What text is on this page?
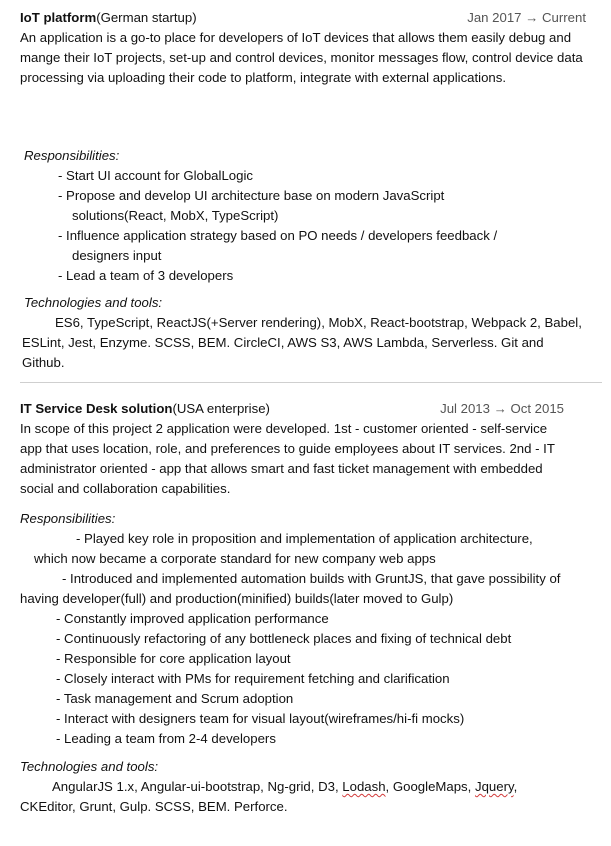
IoT platform(German startup)	Jan 2017 → Current

An application is a go-to place for developers of IoT devices that allows them easily debug and mange their IoT projects, set-up and control devices, monitor messages flow, control device data processing via uploading their code to platform, integrate with external applications.

Responsibilities:
- Start UI account for GlobalLogic
- Propose and develop UI architecture base on modern JavaScript solutions(React, MobX, TypeScript)
- Influence application strategy based on PO needs / developers feedback / designers input
- Lead a team of 3 developers
Technologies and tools:

ES6, TypeScript, ReactJS(+Server rendering), MobX, React-bootstrap, Webpack 2, Babel, ESLint, Jest, Enzyme. SCSS, BEM. CircleCI, AWS S3, AWS Lambda, Serverless. Git and Github.

IT Service Desk solution(USA enterprise)	Jul 2013 → Oct 2015

In scope of this project 2 application were developed. 1st - customer oriented - self-service app that uses location, role, and preferences to guide employees about IT services. 2nd - IT administrator oriented - app that allows smart and fast ticket management with embedded social and collaboration capabilities.

Responsibilities:

- Played key role in proposition and implementation of application architecture, which now became a corporate standard for new company web apps

- Introduced and implemented automation builds with GruntJS, that gave possibility of having developer(full) and production(minified) builds(later moved to Gulp)

- Constantly improved application performance
- Continuously refactoring of any bottleneck places and fixing of technical debt
- Responsible for core application layout
- Closely interact with PMs for requirement fetching and clarification
- Task management and Scrum adoption
- Interact with designers team for visual layout(wireframes/hi-fi mocks)
- Leading a team from 2-4 developers
Technologies and tools:
AngularJS 1.x, Angular-ui-bootstrap, Ng-grid, D3, Lodash, GoogleMaps, Jquery,
CKEditor, Grunt, Gulp. SCSS, BEM. Perforce.
